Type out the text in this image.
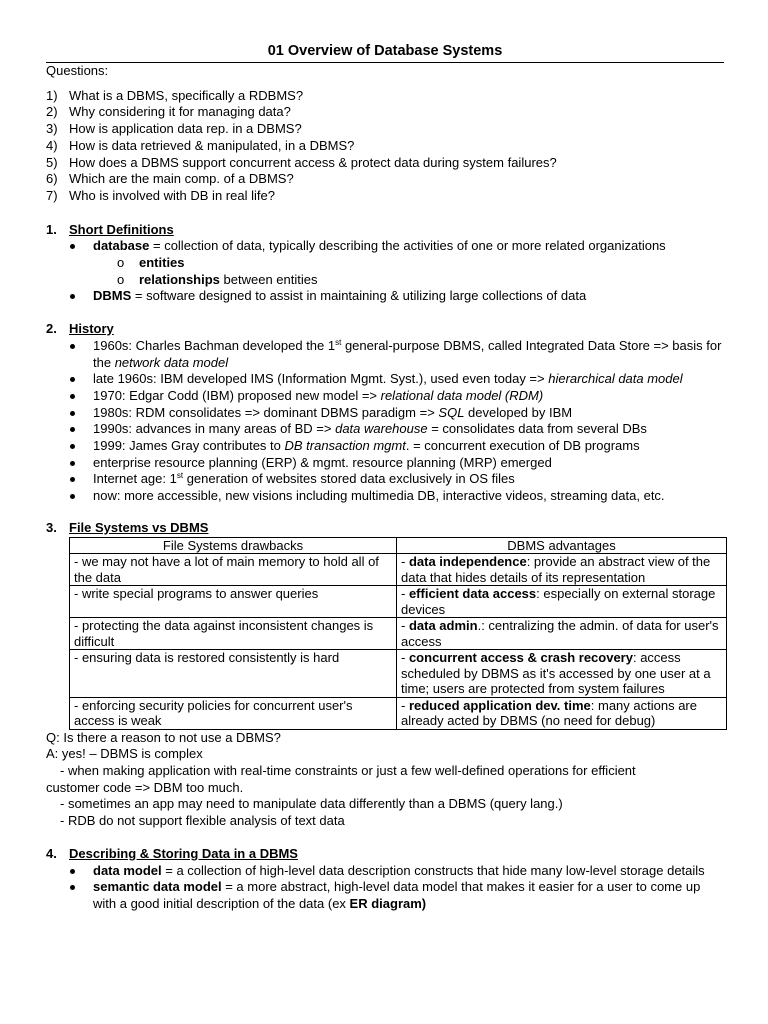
01 Overview of Database Systems
Questions:
1) What is a DBMS, specifically a RDBMS?
2) Why considering it for managing data?
3) How is application data rep. in a DBMS?
4) How is data retrieved & manipulated, in a DBMS?
5) How does a DBMS support concurrent access & protect data during system failures?
6) Which are the main comp. of a DBMS?
7) Who is involved with DB in real life?
1. Short Definitions
database = collection of data, typically describing the activities of one or more related organizations
o entities
o relationships between entities
DBMS = software designed to assist in maintaining & utilizing large collections of data
2. History
1960s: Charles Bachman developed the 1st general-purpose DBMS, called Integrated Data Store => basis for the network data model
late 1960s: IBM developed IMS (Information Mgmt. Syst.), used even today => hierarchical data model
1970: Edgar Codd (IBM) proposed new model => relational data model (RDM)
1980s: RDM consolidates => dominant DBMS paradigm => SQL developed by IBM
1990s: advances in many areas of BD => data warehouse = consolidates data from several DBs
1999: James Gray contributes to DB transaction mgmt. = concurrent execution of DB programs
enterprise resource planning (ERP) & mgmt. resource planning (MRP) emerged
Internet age: 1st generation of websites stored data exclusively in OS files
now: more accessible, new visions including multimedia DB, interactive videos, streaming data, etc.
3. File Systems vs DBMS
File Systems drawbacks	DBMS advantages
- we may not have a lot of main memory to hold all of the data	- data independence: provide an abstract view of the data that hides details of its representation
- write special programs to answer queries	- efficient data access: especially on external storage devices
- protecting the data against inconsistent changes is difficult	- data admin.: centralizing the admin. of data for user's access
- ensuring data is restored consistently is hard	- concurrent access & crash recovery: access scheduled by DBMS as it's accessed by one user at a time; users are protected from system failures
- enforcing security policies for concurrent user's access is weak	- reduced application dev. time: many actions are already acted by DBMS (no need for debug)
Q: Is there a reason to not use a DBMS?
A: yes! – DBMS is complex
- when making application with real-time constraints or just a few well-defined operations for efficient
customer code => DBM too much.
- sometimes an app may need to manipulate data differently than a DBMS (query lang.)
- RDB do not support flexible analysis of text data
4. Describing & Storing Data in a DBMS
data model = a collection of high-level data description constructs that hide many low-level storage details
semantic data model = a more abstract, high-level data model that makes it easier for a user to come up with a good initial description of the data (ex ER diagram)
